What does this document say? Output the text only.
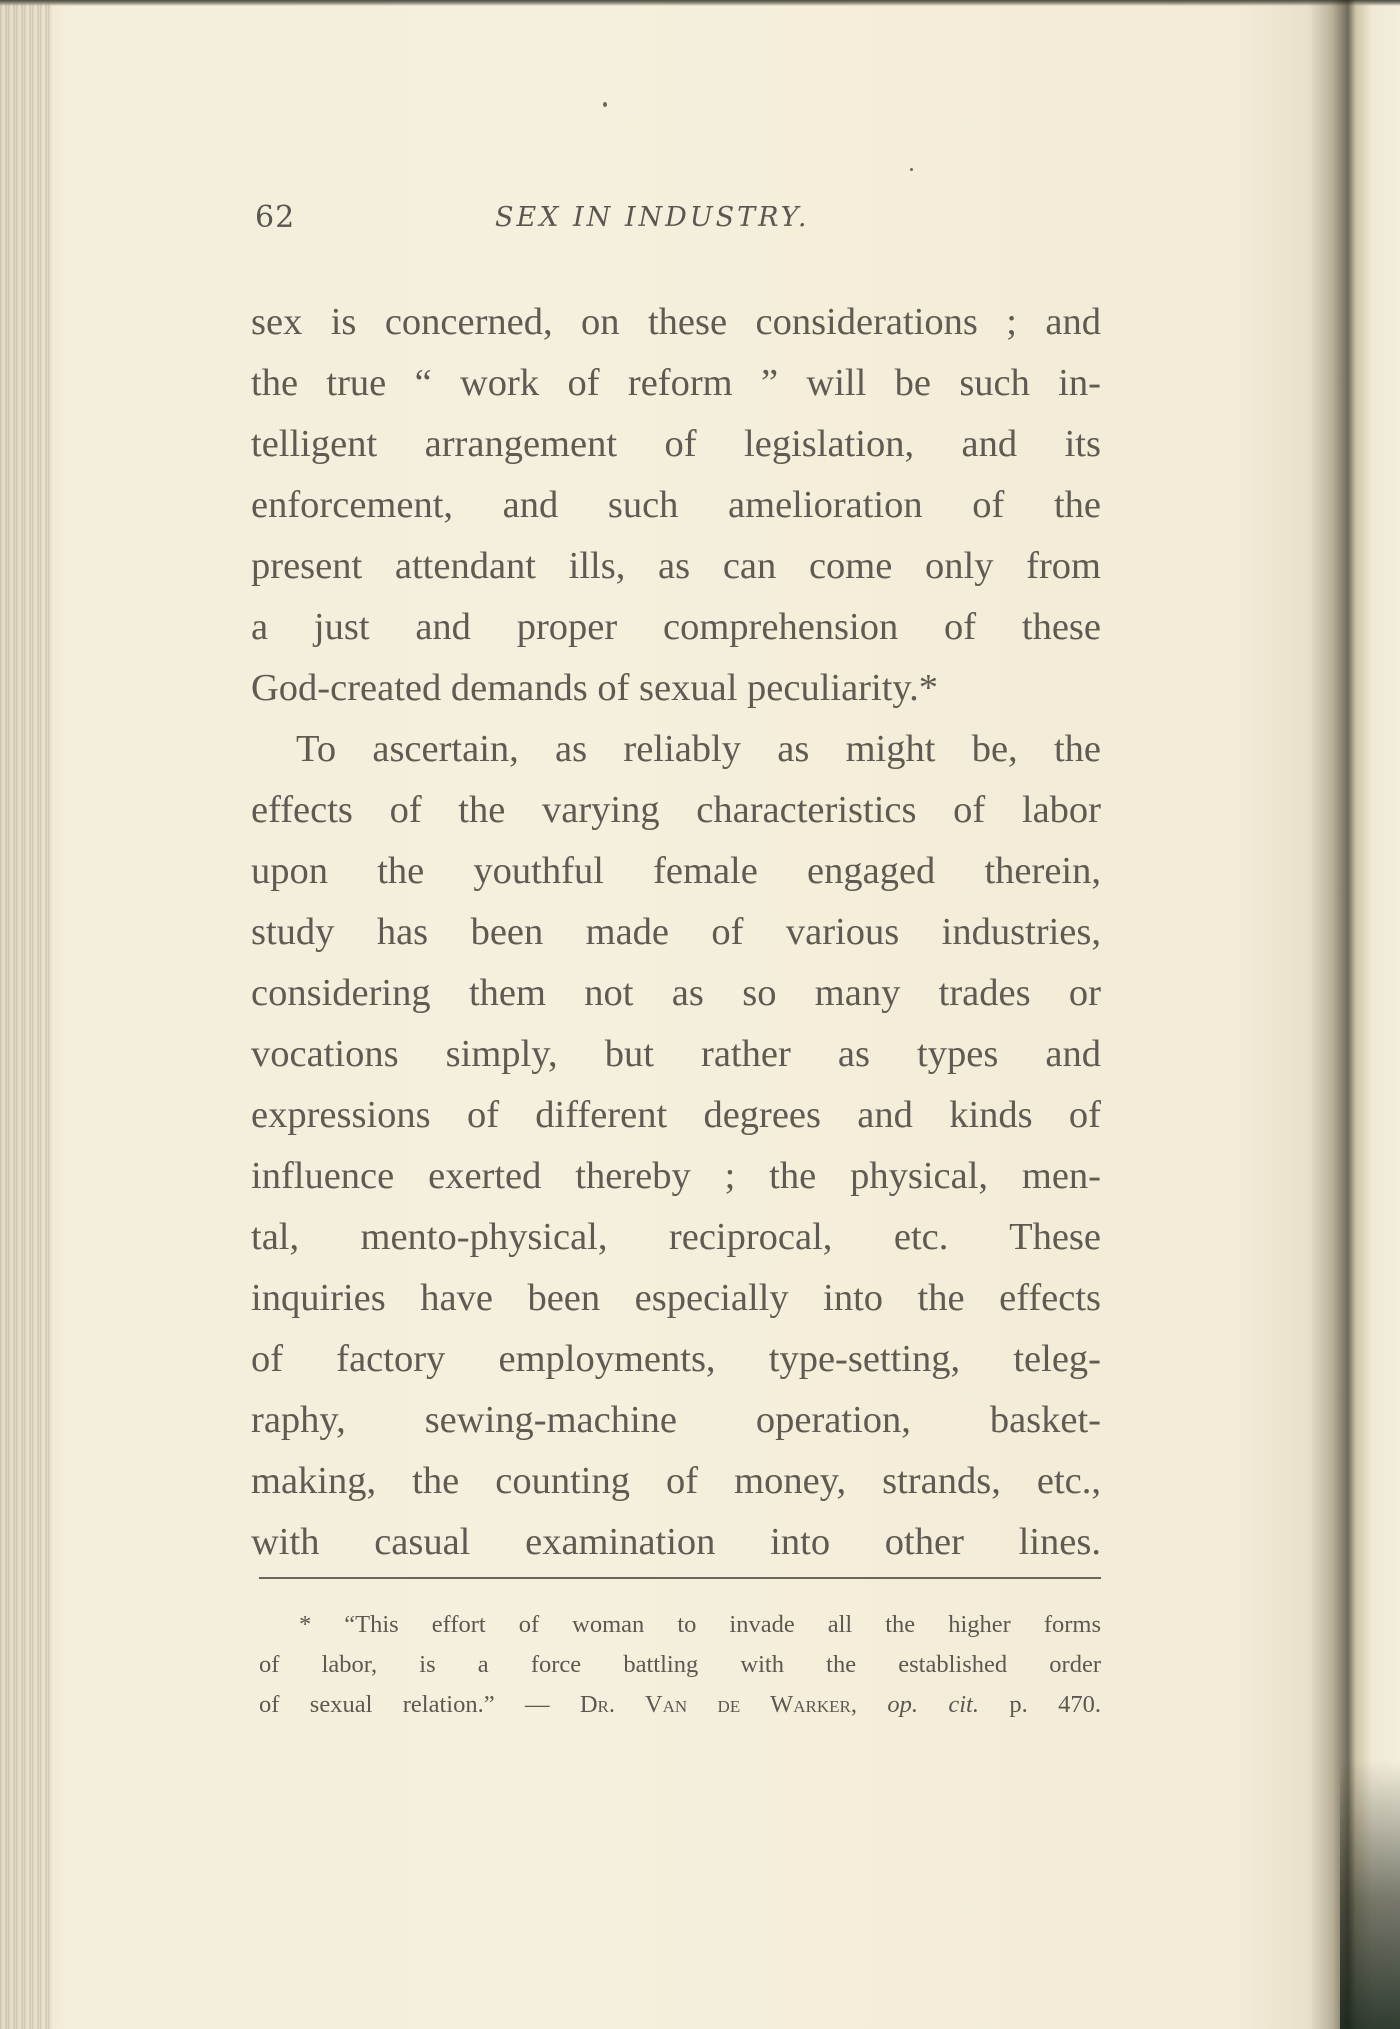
62	SEX IN INDUSTRY.
sex is concerned, on these considerations ; and
the true “ work of reform ” will be such in-
telligent arrangement of legislation, and its
enforcement, and such amelioration of the
present attendant ills, as can come only from
a just and proper comprehension of these
God-created demands of sexual peculiarity.*
To ascertain, as reliably as might be, the
effects of the varying characteristics of labor
upon the youthful female engaged therein,
study has been made of various industries,
considering them not as so many trades or
vocations simply, but rather as types and
expressions of different degrees and kinds of
influence exerted thereby ; the physical, men-
tal, mento-physical, reciprocal, etc. These
inquiries have been especially into the effects
of factory employments, type-setting, teleg-
raphy, sewing-machine operation, basket-
making, the counting of money, strands, etc.,
with casual examination into other lines.
* “This effort of woman to invade all the higher forms
of labor, is a force battling with the established order
of sexual relation.” — Dr. Van de Warker, op. cit. p. 470.
